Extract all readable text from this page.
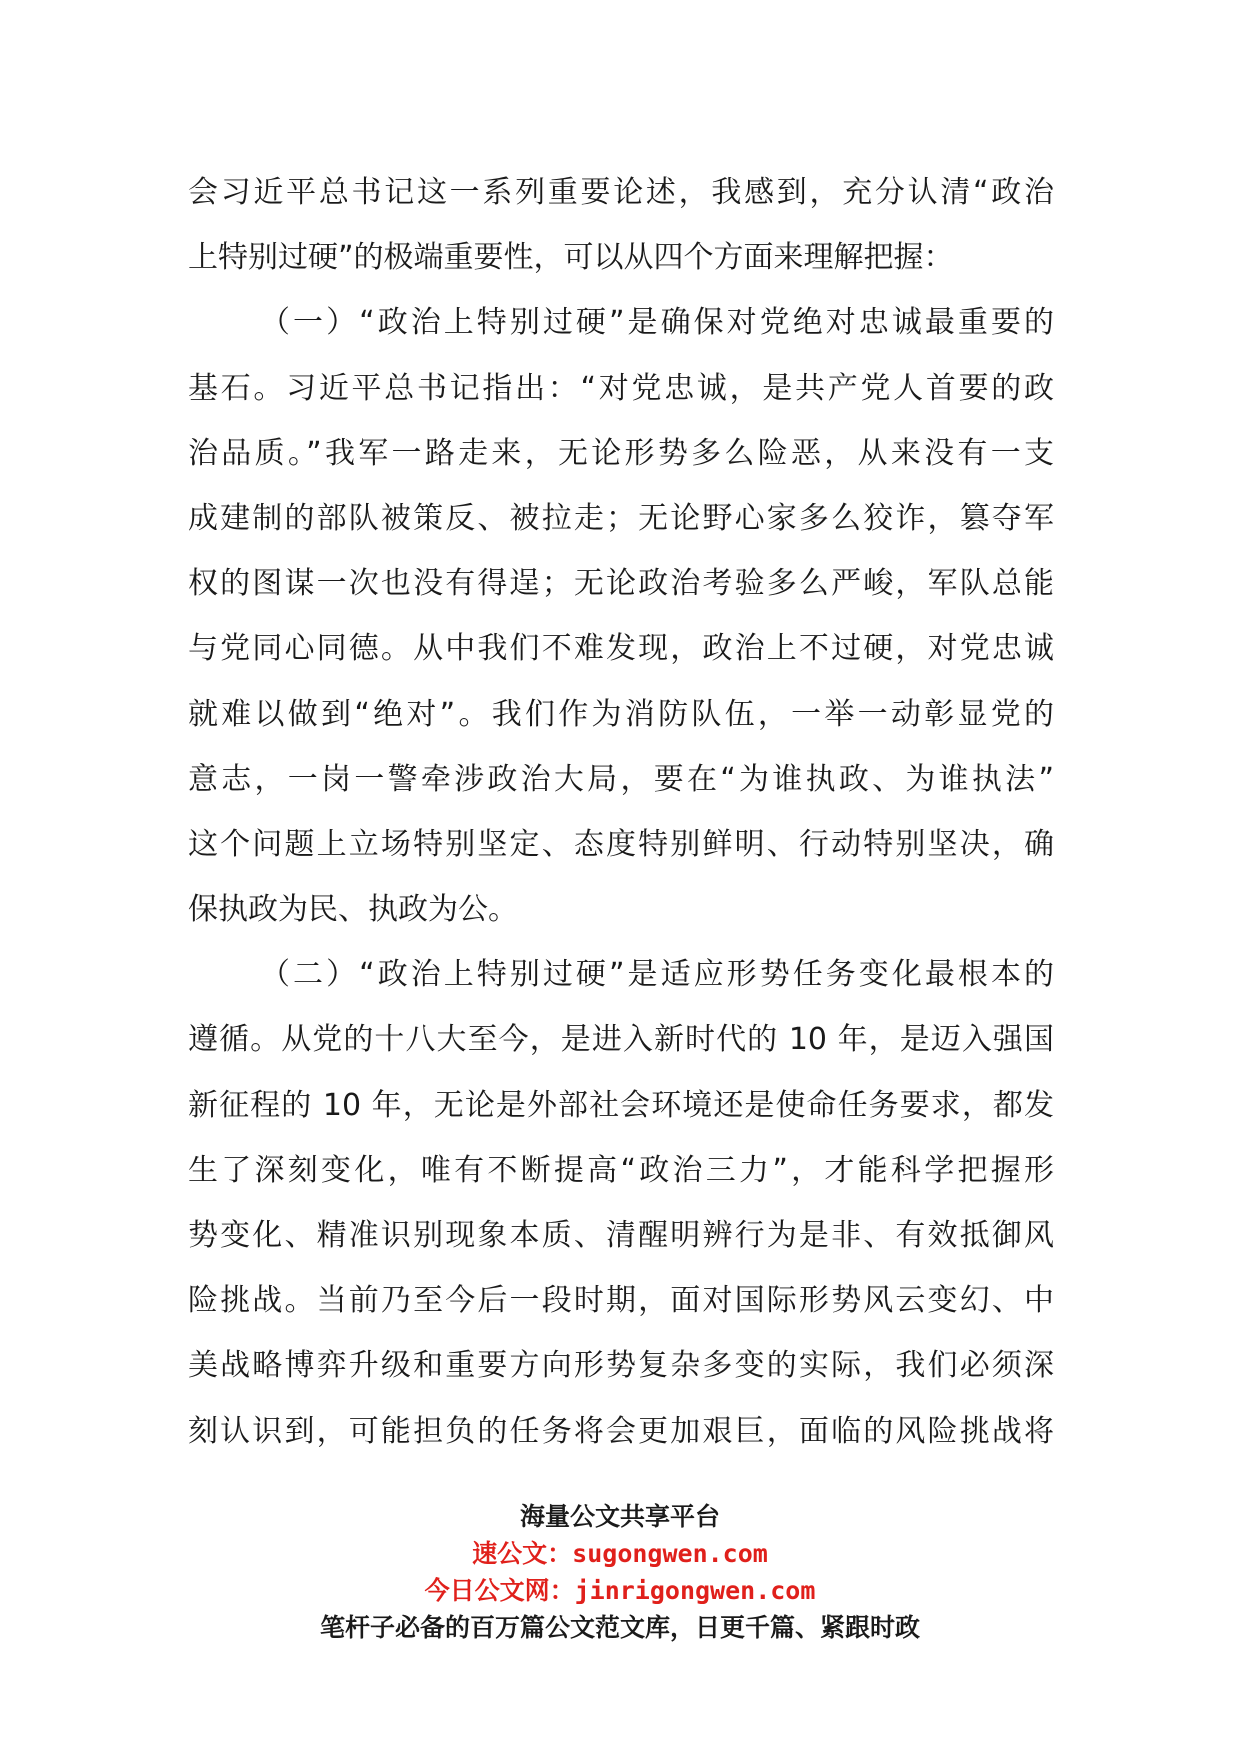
会习近平总书记这一系列重要论述，我感到，充分认清“政治
上特别过硬”的极端重要性，可以从四个方面来理解把握：
（一）“政治上特别过硬”是确保对党绝对忠诚最重要的
基石。习近平总书记指出：“对党忠诚，是共产党人首要的政
治品质。”我军一路走来，无论形势多么险恶，从来没有一支
成建制的部队被策反、被拉走；无论野心家多么狡诈，篡夺军
权的图谋一次也没有得逞；无论政治考验多么严峻，军队总能
与党同心同德。从中我们不难发现，政治上不过硬，对党忠诚
就难以做到“绝对”。我们作为消防队伍，一举一动彰显党的
意志，一岗一警牵涉政治大局，要在“为谁执政、为谁执法”
这个问题上立场特别坚定、态度特别鲜明、行动特别坚决，确
保执政为民、执政为公。
（二）“政治上特别过硬”是适应形势任务变化最根本的
遵循。从党的十八大至今，是进入新时代的 10 年，是迈入强国
新征程的 10 年，无论是外部社会环境还是使命任务要求，都发
生了深刻变化，唯有不断提高“政治三力”，才能科学把握形
势变化、精准识别现象本质、清醒明辨行为是非、有效抵御风
险挑战。当前乃至今后一段时期，面对国际形势风云变幻、中
美战略博弈升级和重要方向形势复杂多变的实际，我们必须深
刻认识到，可能担负的任务将会更加艰巨，面临的风险挑战将
海量公文共享平台
速公文：sugongwen.com
今日公文网：jinrigongwen.com
笔杆子必备的百万篇公文范文库，日更千篇、紧跟时政
